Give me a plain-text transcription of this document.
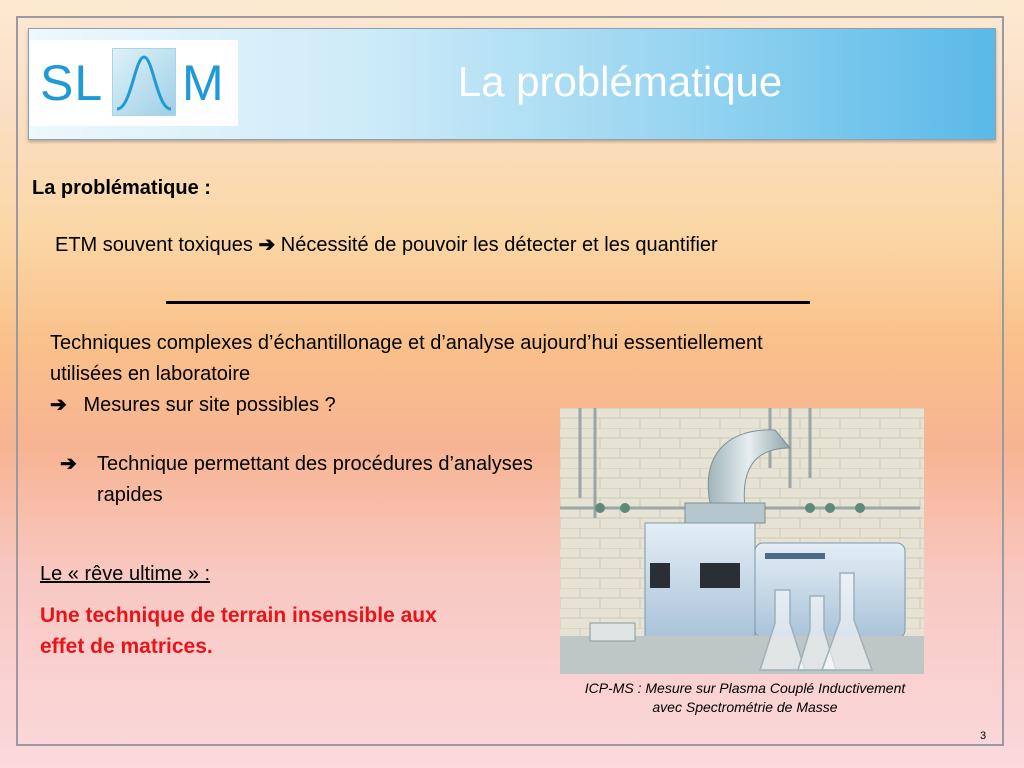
SL M	La problématique
La problématique :
ETM souvent toxiques ➔ Nécessité de pouvoir les détecter et les quantifier
Techniques complexes d’échantillonage et d’analyse aujourd’hui essentiellement
utilisées en laboratoire
➔ Mesures sur site possibles ?
➔ Technique permettant des procédures d’analyses rapides
Le « rêve ultime » :
Une technique de terrain insensible aux effet de matrices.
ICP-MS : Mesure sur Plasma Couplé Inductivement
avec Spectrométrie de Masse
3
